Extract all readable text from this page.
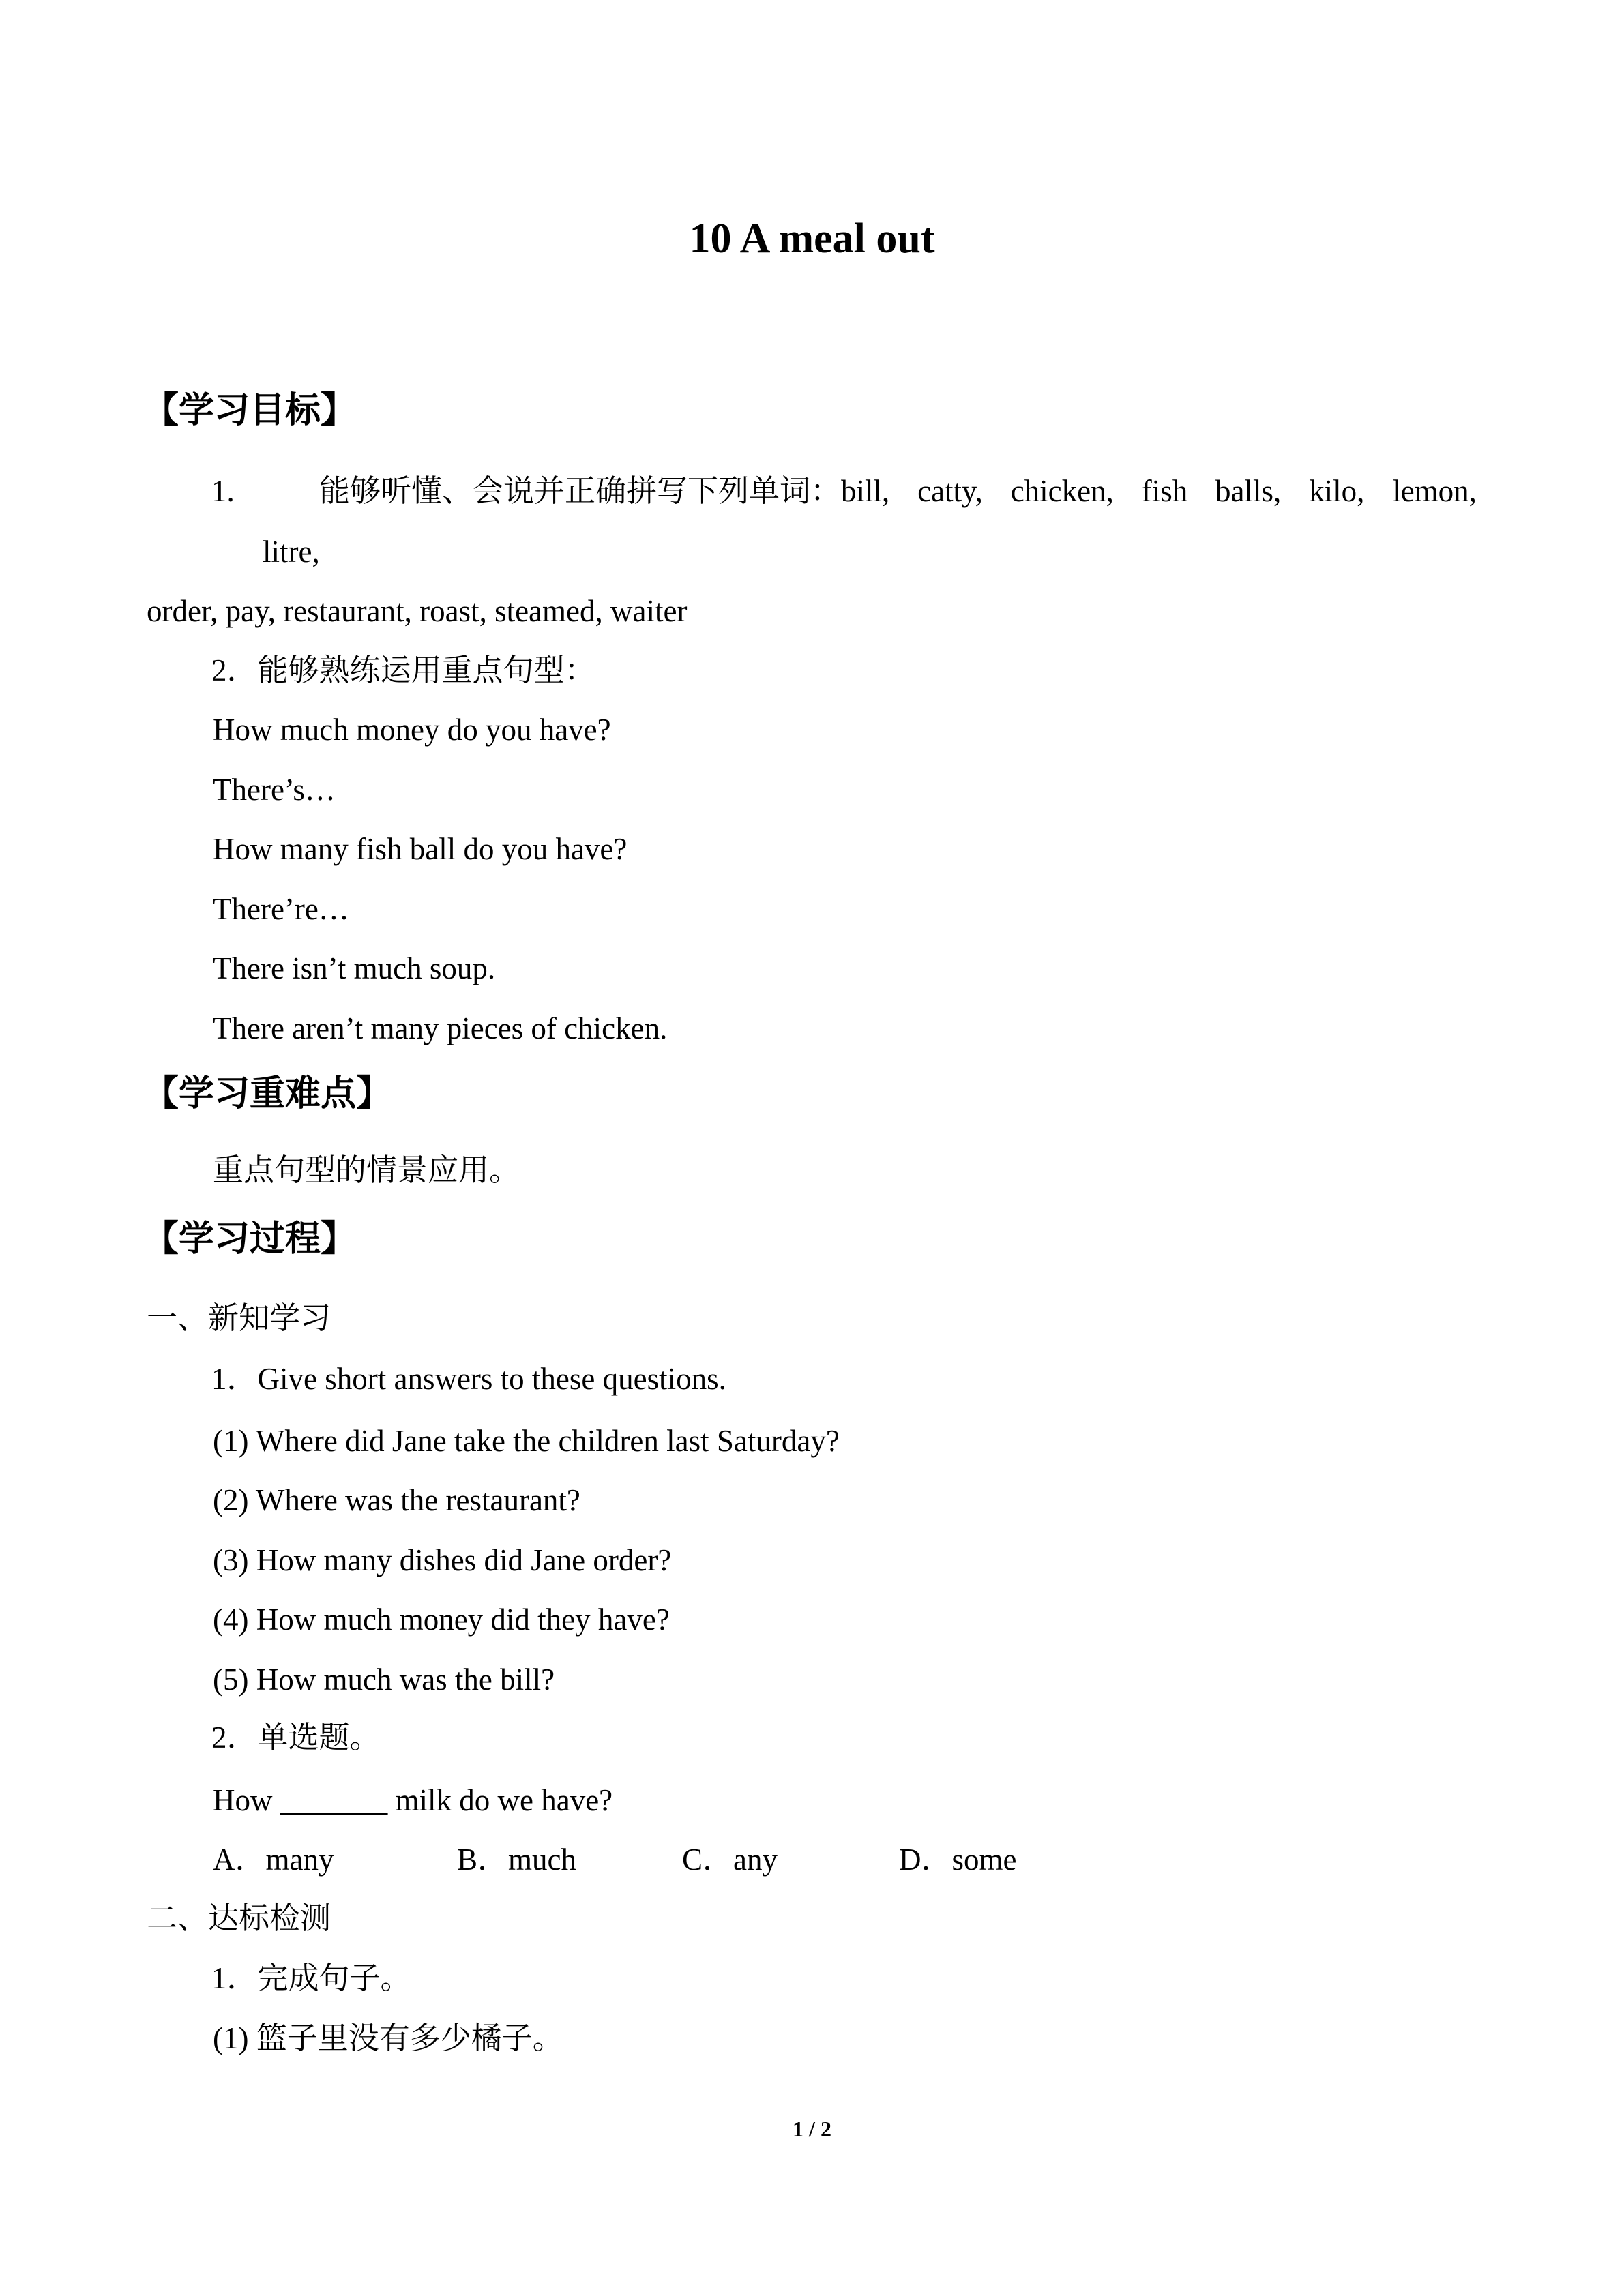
10 A meal out
【学习目标】
1.	能够听懂、会说并正确拼写下列单词：bill, catty, chicken, fish balls, kilo, lemon,
litre,
order, pay, restaurant, roast, steamed, waiter
2．能够熟练运用重点句型：
How much money do you have?
There’s…
How many fish ball do you have?
There’re…
There isn’t much soup.
There aren’t many pieces of chicken.
【学习重难点】
重点句型的情景应用。
【学习过程】
一、新知学习
1．Give short answers to these questions.
(1) Where did Jane take the children last Saturday?
(2) Where was the restaurant?
(3) How many dishes did Jane order?
(4) How much money did they have?
(5) How much was the bill?
2．单选题。
How _______ milk do we have?
A．many	B．much	C．any	D．some
二、达标检测
1．完成句子。
(1) 篮子里没有多少橘子。
1 / 2
